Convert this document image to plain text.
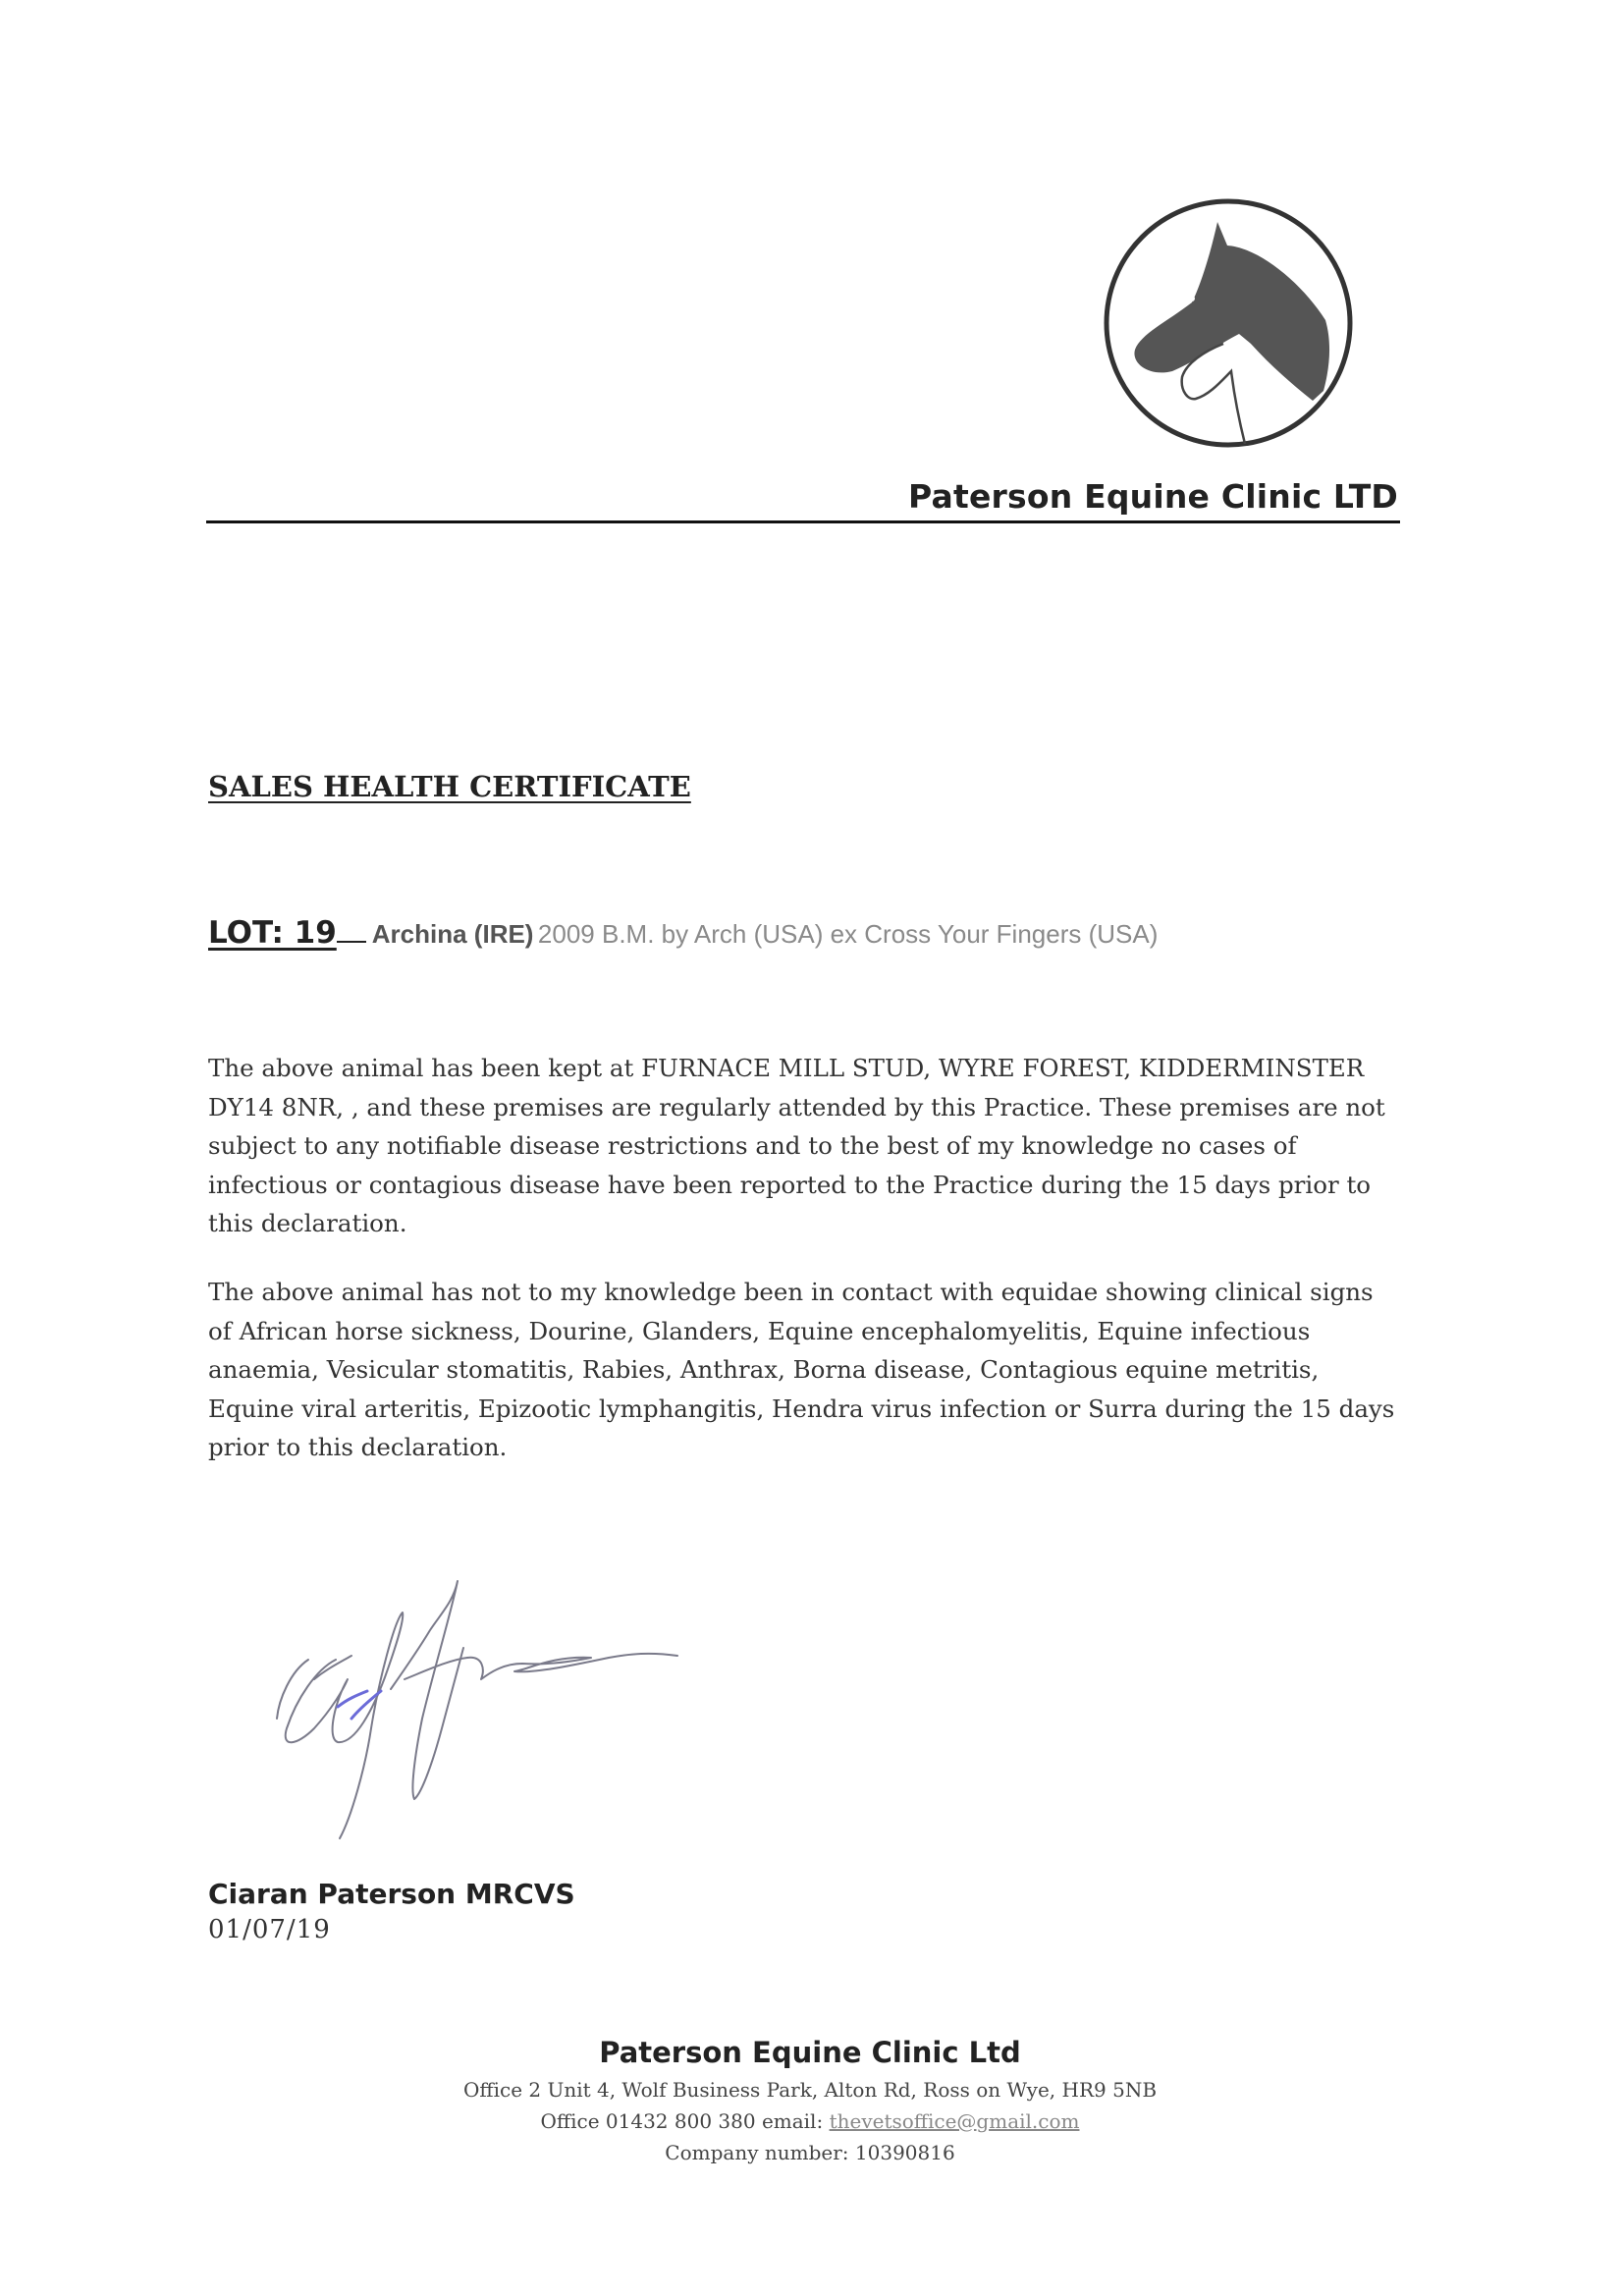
Paterson Equine Clinic LTD
SALES HEALTH CERTIFICATE
LOT: 19 Archina (IRE) 2009 B.M. by Arch (USA) ex Cross Your Fingers (USA)

The above animal has been kept at FURNACE MILL STUD, WYRE FOREST, KIDDERMINSTER DY14 8NR, , and these premises are regularly attended by this Practice. These premises are not subject to any notifiable disease restrictions and to the best of my knowledge no cases of infectious or contagious disease have been reported to the Practice during the 15 days prior to this declaration.

The above animal has not to my knowledge been in contact with equidae showing clinical signs of African horse sickness, Dourine, Glanders, Equine encephalomyelitis, Equine infectious anaemia, Vesicular stomatitis, Rabies, Anthrax, Borna disease, Contagious equine metritis, Equine viral arteritis, Epizootic lymphangitis, Hendra virus infection or Surra during the 15 days prior to this declaration.

Ciaran Paterson MRCVS
01/07/19
Paterson Equine Clinic Ltd
Office 2 Unit 4, Wolf Business Park, Alton Rd, Ross on Wye, HR9 5NB
Office 01432 800 380 email: thevetsoffice@gmail.com
Company number: 10390816
